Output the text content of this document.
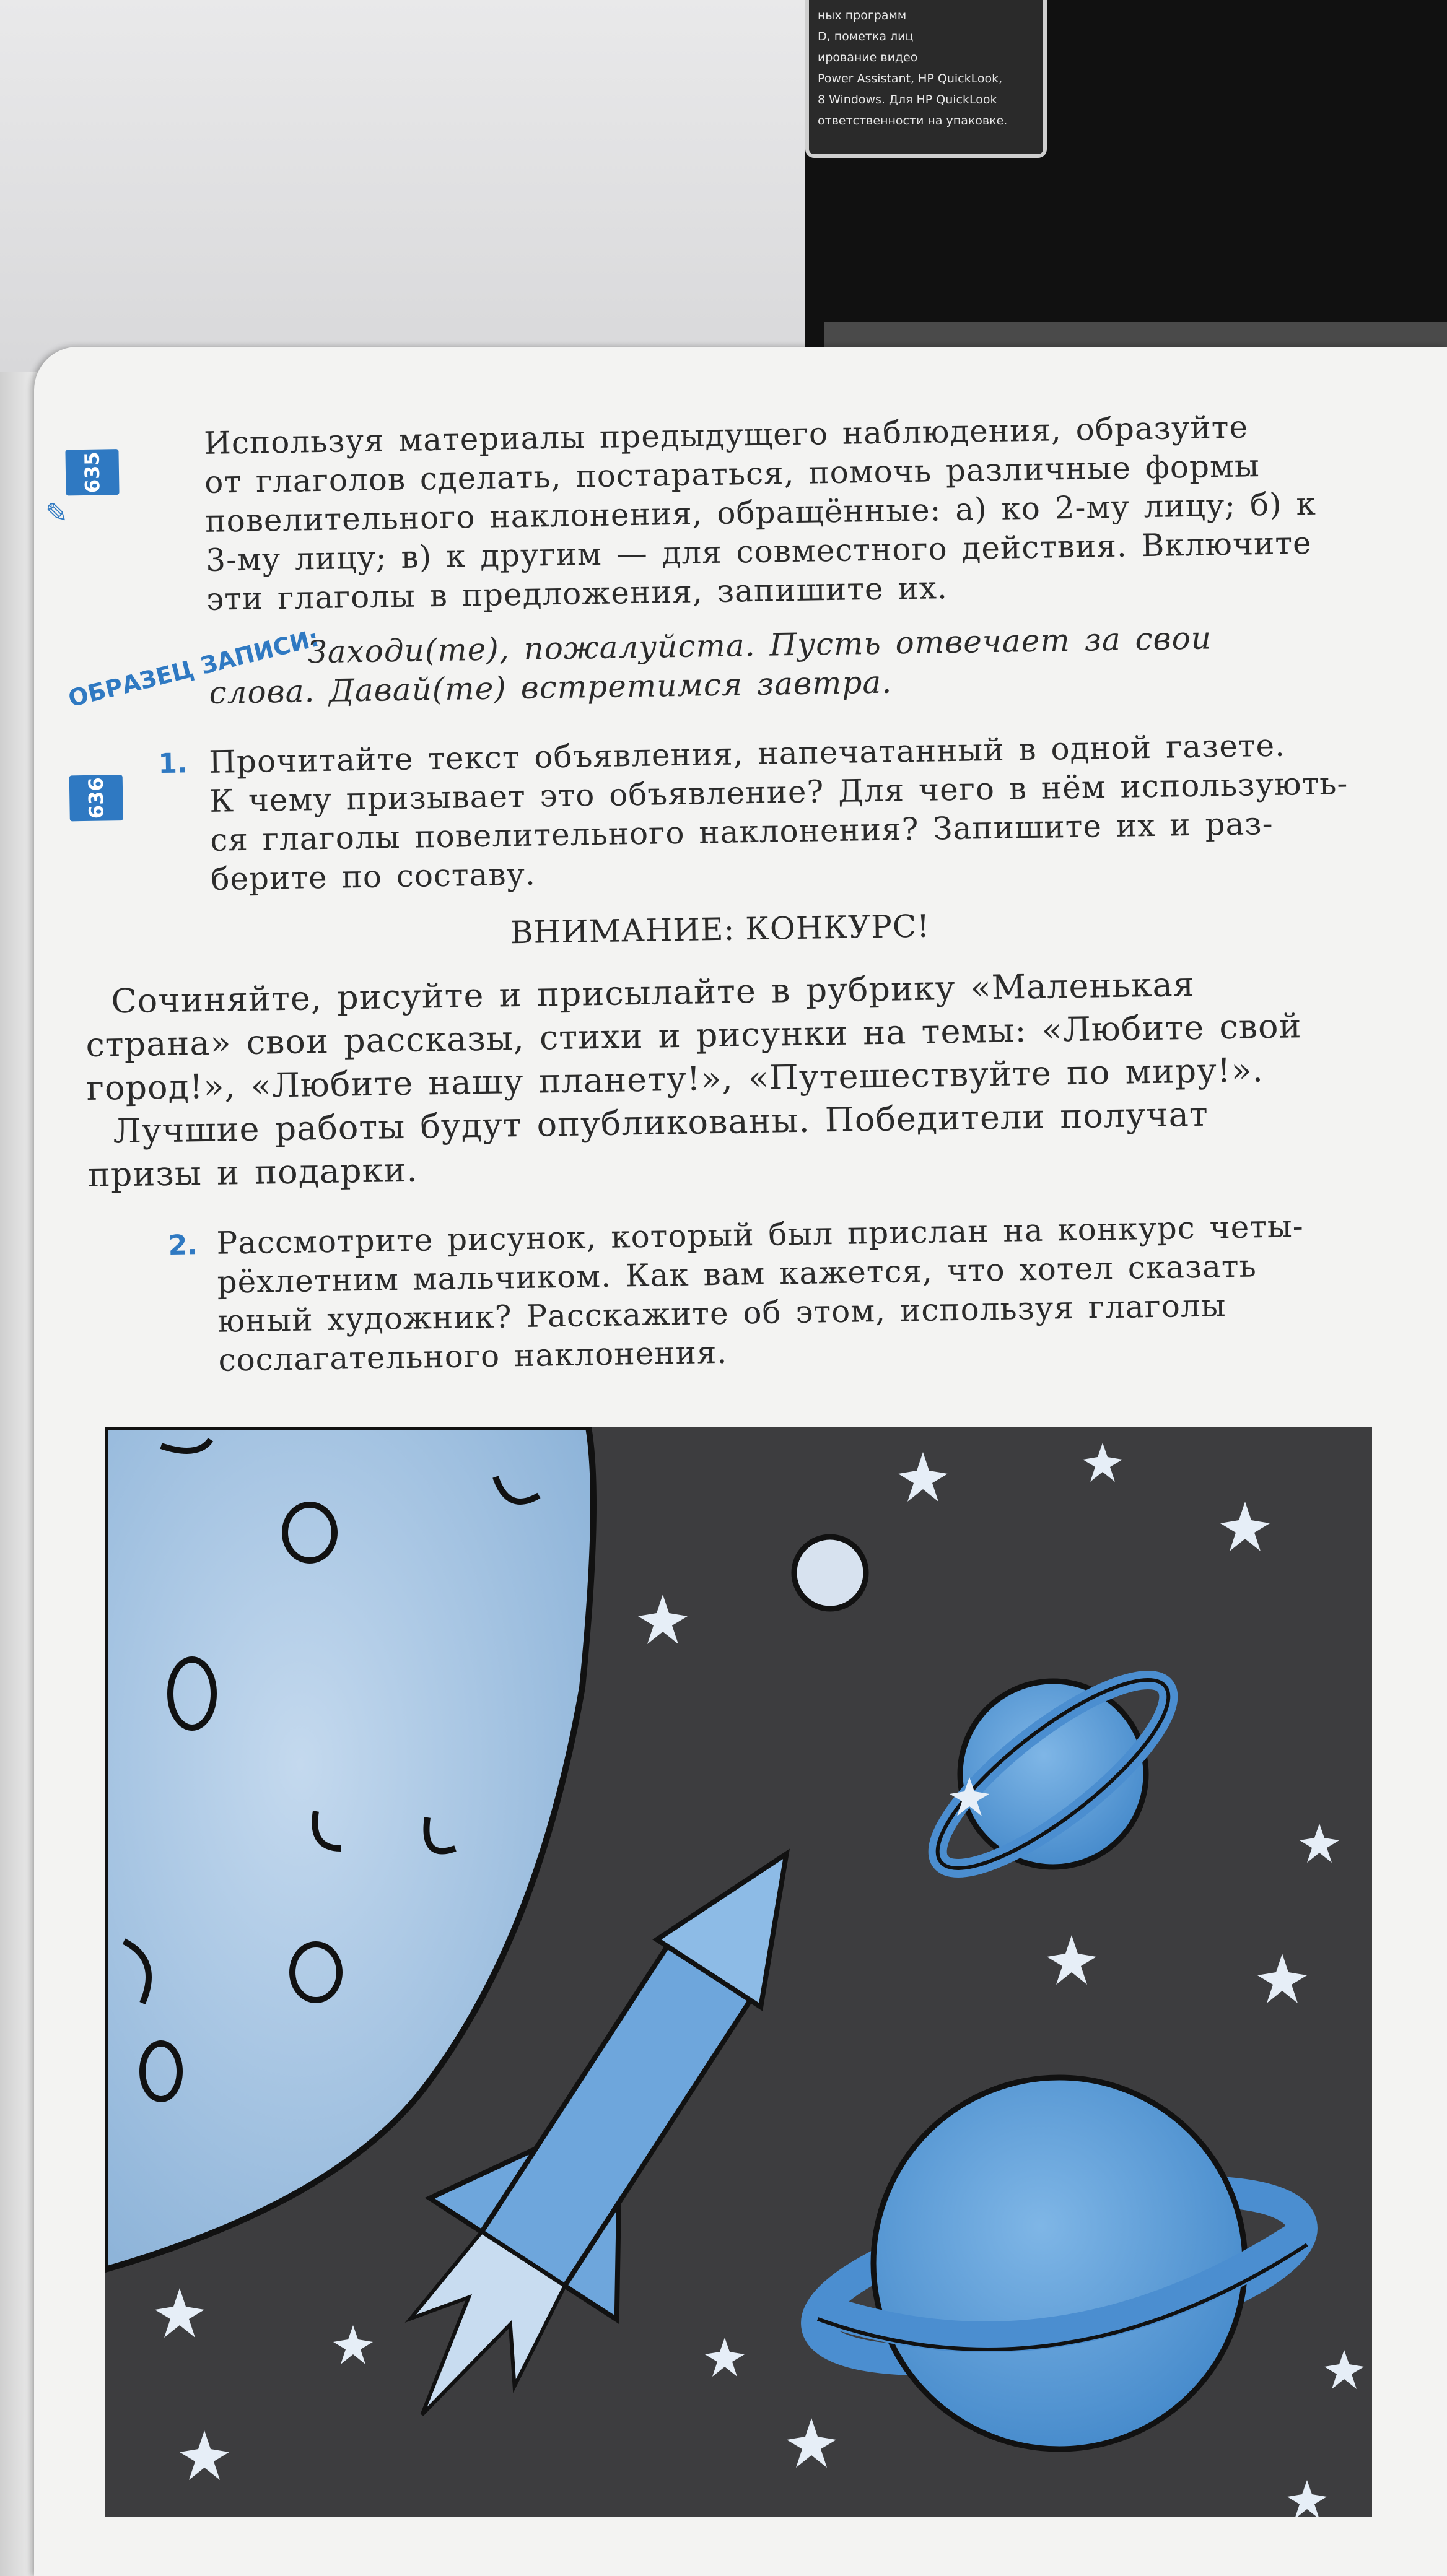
ных программ
D, пометка лиц
ирование видео
Power Assistant, HP QuickLook,
8 Windows. Для HP QuickLook
ответственности на упаковке.
635
✎
Используя материалы предыдущего наблюдения, образуйте
от глаголов сделать, постараться, помочь различные формы
повелительного наклонения, обращённые: а) ко 2-му лицу; б) к
3-му лицу; в) к другим — для совместного действия. Включите
эти глаголы в предложения, запишите их.
ОБРАЗЕЦ ЗАПИСИ:
Заходи(те), пожалуйста. Пусть отвечает за свои
слова. Давай(те) встретимся завтра.
636
1. Прочитайте текст объявления, напечатанный в одной газете.
К чему призывает это объявление? Для чего в нём использують-
ся глаголы повелительного наклонения? Запишите их и раз-
берите по составу.
ВНИМАНИЕ: КОНКУРС!
Сочиняйте, рисуйте и присылайте в рубрику «Маленькая
страна» свои рассказы, стихи и рисунки на темы: «Любите свой
город!», «Любите нашу планету!», «Путешествуйте по миру!».
Лучшие работы будут опубликованы. Победители получат
призы и подарки.
2. Рассмотрите рисунок, который был прислан на конкурс четы-
рёхлетним мальчиком. Как вам кажется, что хотел сказать
юный художник? Расскажите об этом, используя глаголы
сослагательного наклонения.
